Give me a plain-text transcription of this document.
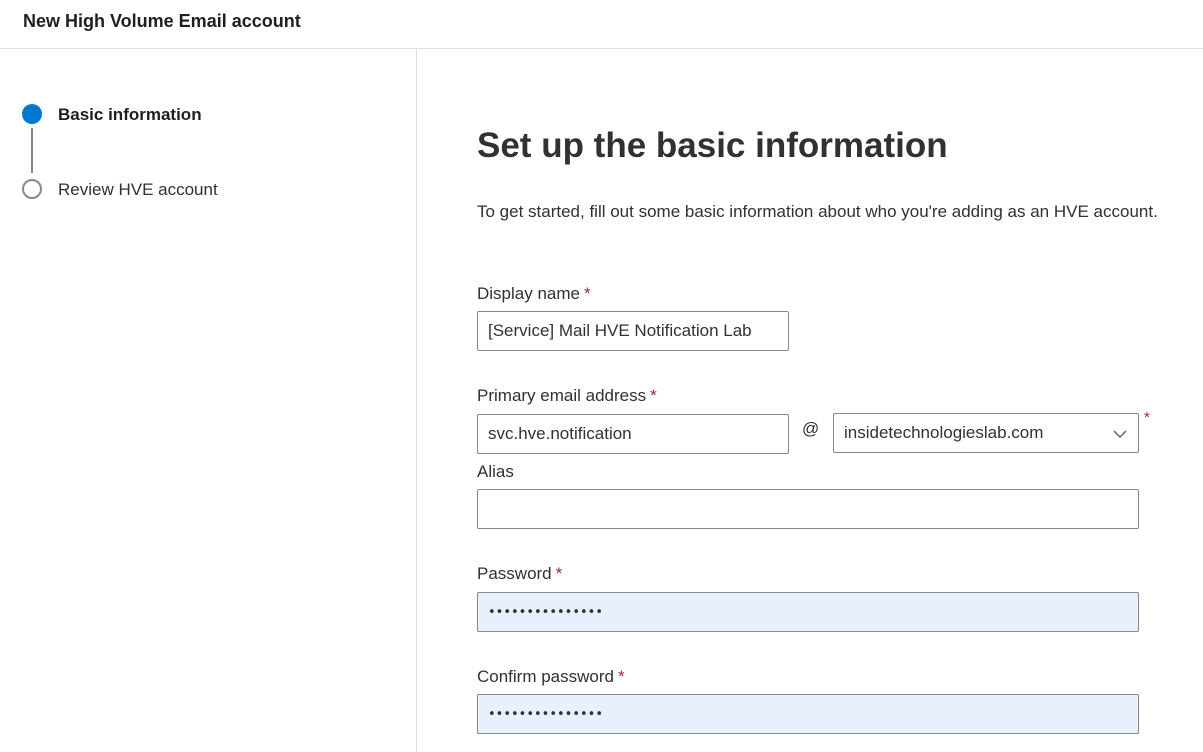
New High Volume Email account
Basic information
Review HVE account
Set up the basic information
To get started, fill out some basic information about who you're adding as an HVE account.
Display name *
[Service] Mail HVE Notification Lab
Primary email address *
svc.hve.notification	@ insidetechnologieslab.com
*
Alias
Password *
•••••••••••••••
Confirm password *
•••••••••••••••
